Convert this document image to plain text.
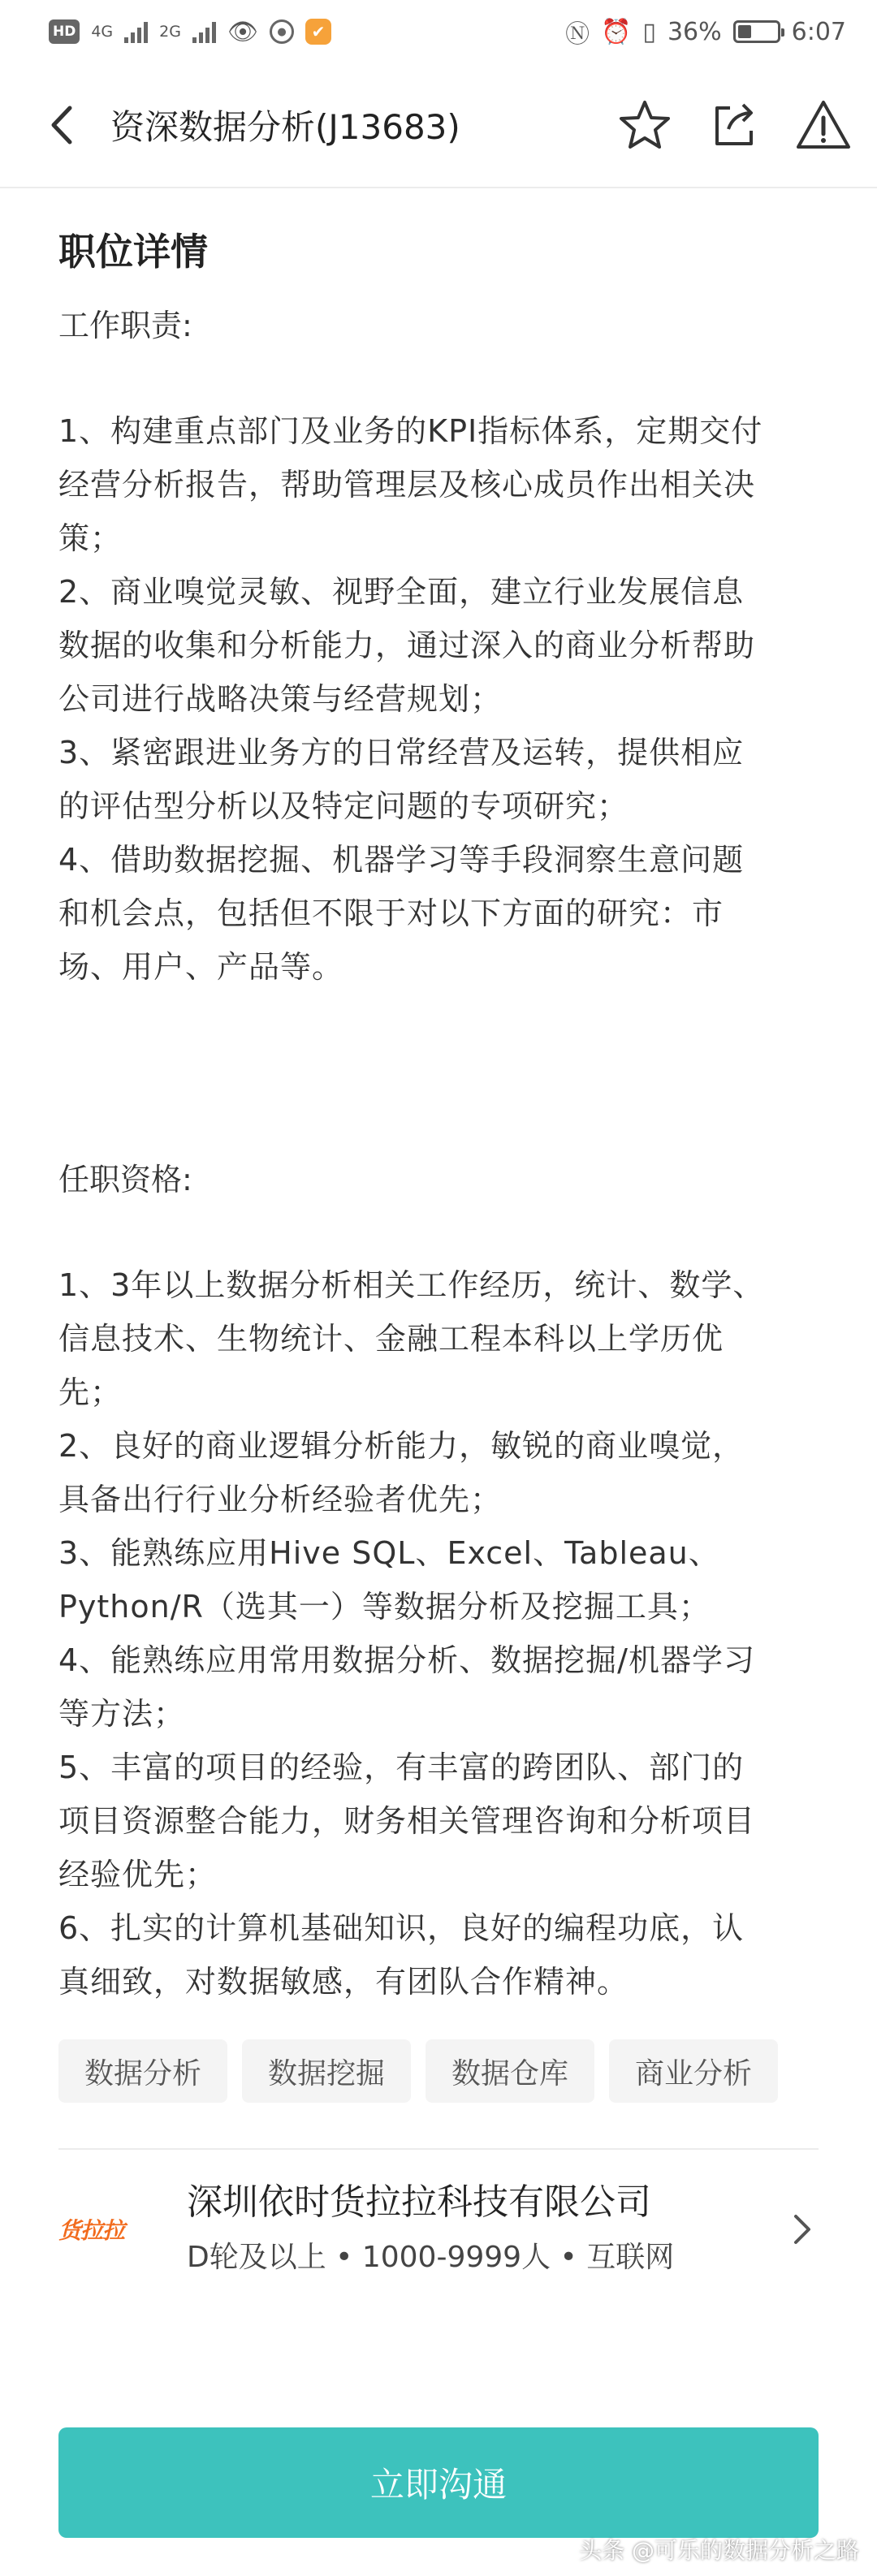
HD 4G	2G 👁	●	✔	Ⓝ ⏰ ▯ 36%	6:07
资深数据分析(J13683)
职位详情
工作职责:
1、构建重点部门及业务的KPI指标体系，定期交付
经营分析报告，帮助管理层及核心成员作出相关决
策；
2、商业嗅觉灵敏、视野全面，建立行业发展信息
数据的收集和分析能力，通过深入的商业分析帮助
公司进行战略决策与经营规划；
3、紧密跟进业务方的日常经营及运转，提供相应
的评估型分析以及特定问题的专项研究；
4、借助数据挖掘、机器学习等手段洞察生意问题
和机会点，包括但不限于对以下方面的研究：市
场、用户、产品等。
任职资格:
1、3年以上数据分析相关工作经历，统计、数学、
信息技术、生物统计、金融工程本科以上学历优
先；
2、良好的商业逻辑分析能力，敏锐的商业嗅觉，
具备出行行业分析经验者优先；
3、能熟练应用Hive SQL、Excel、Tableau、
Python/R（选其一）等数据分析及挖掘工具；
4、能熟练应用常用数据分析、数据挖掘/机器学习
等方法；
5、丰富的项目的经验，有丰富的跨团队、部门的
项目资源整合能力，财务相关管理咨询和分析项目
经验优先；
6、扎实的计算机基础知识，良好的编程功底，认
真细致，对数据敏感，有团队合作精神。
数据分析	数据挖掘	数据仓库	商业分析
货拉拉
深圳依时货拉拉科技有限公司
D轮及以上 • 1000-9999人 • 互联网
立即沟通
头条 @可乐的数据分析之路
